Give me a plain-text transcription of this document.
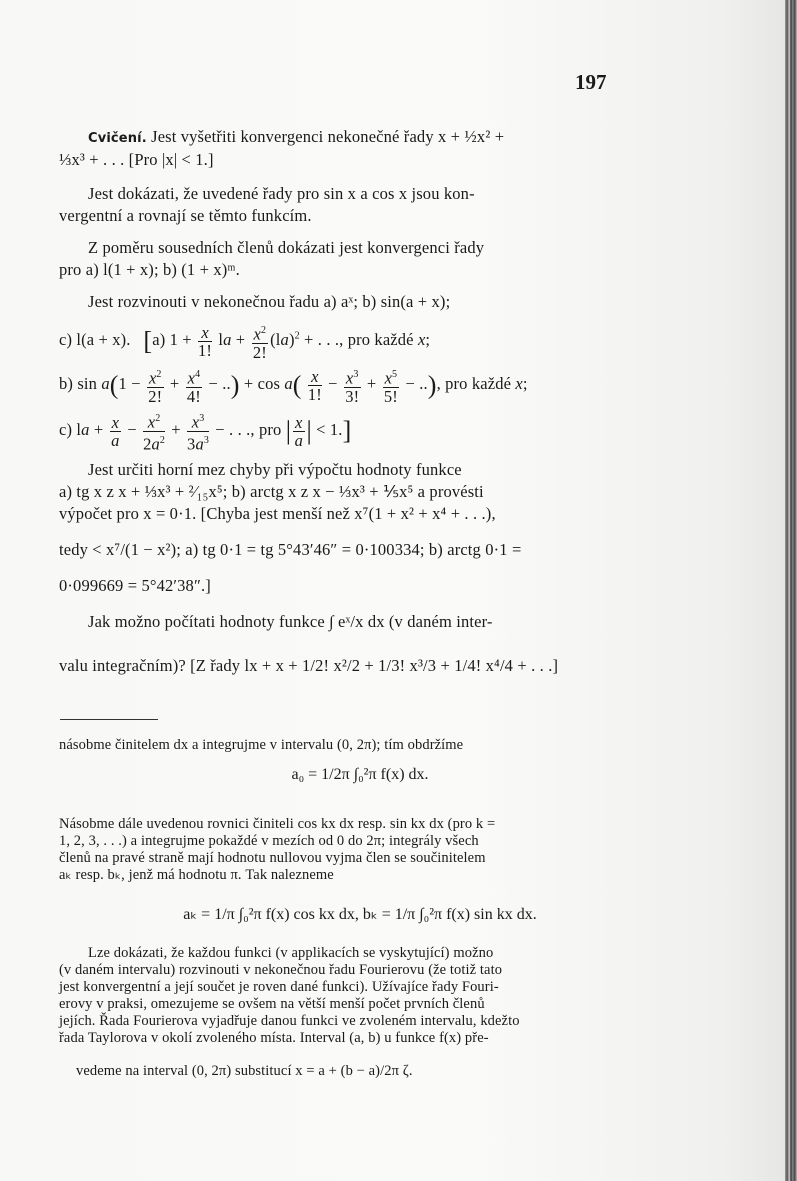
197
Cvičení. Jest vyšetřiti konvergenci nekonečné řady x + ½x² +
⅓x³ + . . . [Pro |x| < 1.]
Jest dokázati, že uvedené řady pro sin x a cos x jsou kon-
vergentní a rovnají se těmto funkcím.
Z poměru sousedních členů dokázati jest konvergenci řady
pro a) l(1 + x); b) (1 + x)ᵐ.
Jest rozvinouti v nekonečnou řadu a) aˣ; b) sin(a + x);
c) l(a + x). [a) $1 + \frac{x}{1!}$ la + $\frac{x^2}{2!} (la)^2$ + . . ., pro každé x;
b) $\sin a(1 - \frac{x^2}{2!} + \frac{x^4}{4!}$ − ..) + $\cos a( \frac{x}{1!} - \frac{x^3}{3!} + \frac{x^5}{5!}$ − ..), pro každé x;
c) la + $\frac{x}{a} - \frac{x^2}{2a^2} + \frac{x^3}{3a^3}$ − . . ., pro | $\frac{x}{a}$ | < 1.]
Jest určiti horní mez chyby při výpočtu hodnoty funkce
a) tg x z x + ⅓x³ + ²⁄₁₅x⁵; b) arctg x z x − ⅓x³ + ⅕x⁵ a provésti
výpočet pro x = 0·1. [Chyba jest menší než x⁷(1 + x² + x⁴ + . . .),
tedy < x⁷/(1 − x²); a) tg 0·1 = tg 5°43′46″ = 0·100334; b) arctg 0·1 =
0·099669 = 5°42′38″.]
Jak možno počítati hodnoty funkce ∫ eˣ/x dx (v daném inter-
valu integračním)? [Z řady lx + x + 1/2! x²/2 + 1/3! x³/3 + 1/4! x⁴/4 + . . .]
násobme činitelem dx a integrujme v intervalu (0, 2π); tím obdržíme
a₀ = 1/2π ∫₀²π f(x) dx.
Násobme dále uvedenou rovnici činiteli cos kx dx resp. sin kx dx (pro k =
1, 2, 3, . . .) a integrujme pokaždé v mezích od 0 do 2π; integrály všech
členů na pravé straně mají hodnotu nullovou vyjma člen se součinitelem
aₖ resp. bₖ, jenž má hodnotu π. Tak nalezneme
aₖ = 1/π ∫₀²π f(x) cos kx dx, bₖ = 1/π ∫₀²π f(x) sin kx dx.
Lze dokázati, že každou funkci (v applikacích se vyskytující) možno
(v daném intervalu) rozvinouti v nekonečnou řadu Fourierovu (že totiž tato
jest konvergentní a její součet je roven dané funkci). Užívajíce řady Fouri-
erovy v praksi, omezujeme se ovšem na větší menší počet prvních členů
jejích. Řada Fourierova vyjadřuje danou funkci ve zvoleném intervalu, kdežto
řada Taylorova v okolí zvoleného místa. Interval (a, b) u funkce f(x) pře-
vedeme na interval (0, 2π) substitucí x = a + (b − a)/2π ζ.
